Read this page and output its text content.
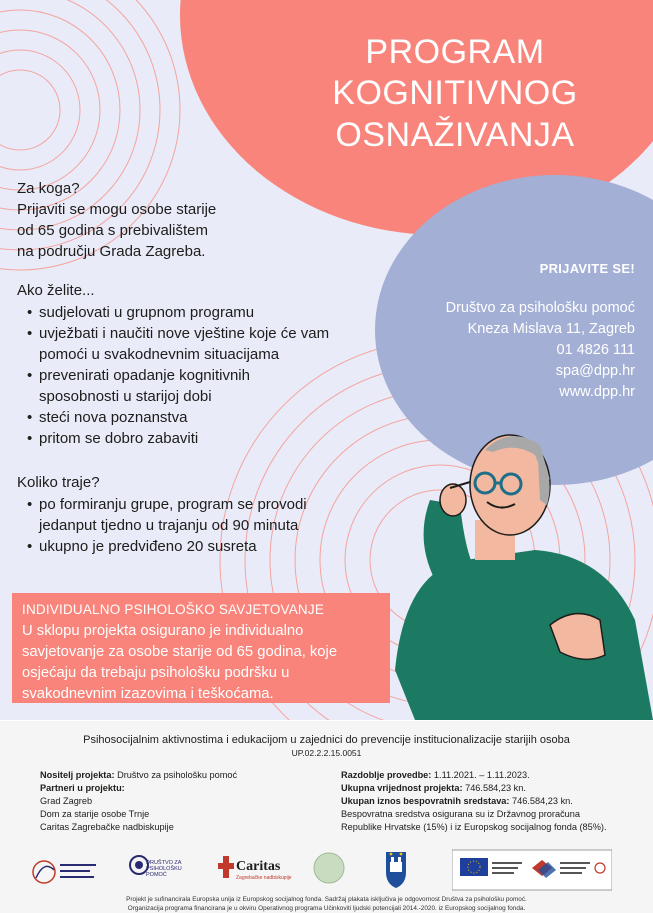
PROGRAM
KOGNITIVNOG
OSNAŽIVANJA
Za koga?
Prijaviti se mogu osobe starije
od 65 godina s prebivalištem
na području Grada Zagreba.
Ako želite...
• sudjelovati u grupnom programu
• uvježbati i naučiti nove vještine koje će vam
pomoći u svakodnevnim situacijama
• prevenirati opadanje kognitivnih
sposobnosti u starijoj dobi
• steći nova poznanstva
• pritom se dobro zabaviti
Koliko traje?
• po formiranju grupe, program se provodi
jedanput tjedno u trajanju od 90 minuta
• ukupno je predviđeno 20 susreta
PRIJAVITE SE!
Društvo za psihološku pomoć
Kneza Mislava 11, Zagreb
01 4826 111
spa@dpp.hr
www.dpp.hr
INDIVIDUALNO PSIHOLOŠKO SAVJETOVANJE
U sklopu projekta osigurano je individualno
savjetovanje za osobe starije od 65 godina, koje
osjećaju da trebaju psihološku podršku u
svakodnevnim izazovima i teškoćama.
Psihosocijalnim aktivnostima i edukacijom u zajednici do prevencije institucionalizacije starijih osoba
UP.02.2.2.15.0051
Nositelj projekta: Društvo za psihološku pomoć
Partneri u projektu:
Grad Zagreb
Dom za starije osobe Trnje
Caritas Zagrebačke nadbiskupije
Razdoblje provedbe: 1.11.2021. – 1.11.2023.
Ukupna vrijednost projekta: 746.584,23 kn.
Ukupan iznos bespovratnih sredstava: 746.584,23 kn.
Bespovratna sredstva osigurana su iz Državnog proračuna
Republike Hrvatske (15%) i iz Europskog socijalnog fonda (85%).
DRUŠTVO ZA
PSIHOLOŠKU
POMOĆ
Caritas
Zagrebačke nadbiskupije
Projekt je sufinancirala Europska unija iz Europskog socijalnog fonda. Sadržaj plakata isključiva je odgovornost Društva za psihološku pomoć.
Organizacija programa financirana je u okviru Operativnog programa Učinkoviti ljudski potencijali 2014.-2020. iz Europskog socijalnog fonda.
